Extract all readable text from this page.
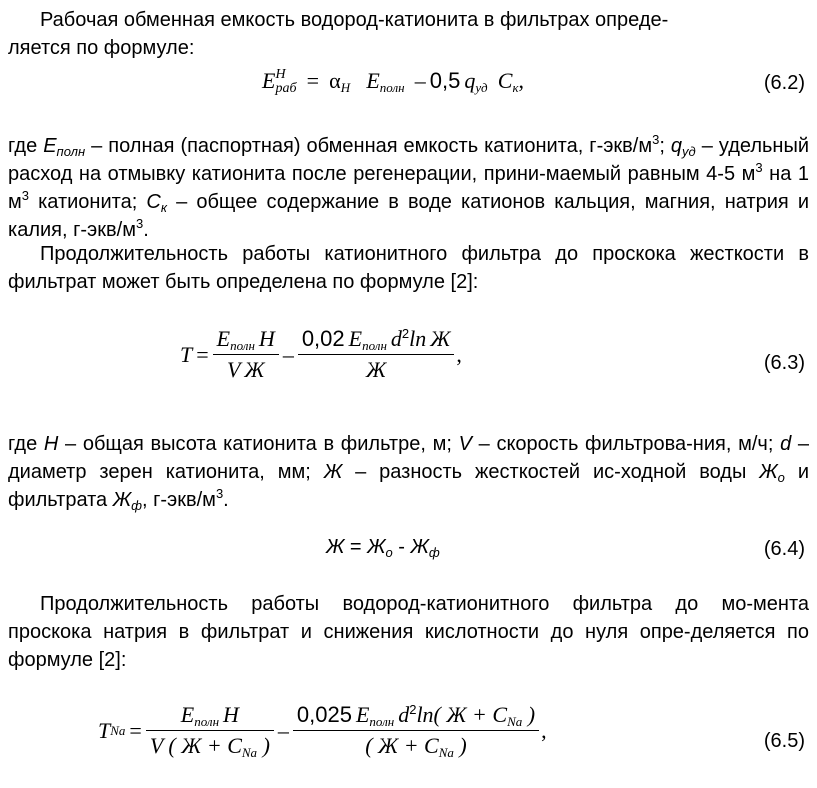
Рабочая обменная емкость водород-катионита в фильтрах опреде-
ляется по формуле:

E H
раб = $\alpha_H$ $E_{полн} - 0,5$ $q_{уд}$ $C_к$,	(6.2)

где $E_{полн}$ – полная (паспортная) обменная емкость катионита, $г-экв/м^3$; $q_{уд}$ – удельный расход на отмывку катионита после регенерации, прини-маемый равным 4-5 $м^3$ на 1 $м^3$ катионита; $C_к$ – общее содержание в воде катионов кальция, магния, натрия и калия, $г-экв/м^3$.

Продолжительность работы катионитного фильтра до проскока жесткости в фильтрат может быть определена по формуле [2]:

$T = \frac{E_{полн} H}{\text{V Ж}} - \frac{0,02 E_{полн} d^2\ln Ж}{Ж}$ ,	(6.3)

где H – общая высота катионита в фильтре, м; V – скорость фильтрова-ния, м/ч; d – диаметр зерен катионита, мм; Ж – разность жесткостей ис-ходной воды $Ж_о$ и фильтрата $Ж_ф$, $г-экв/м^3$.

$Ж = Ж_о - Ж_ф$	(6.4)

Продолжительность работы водород-катионитного фильтра до мо-мента проскока натрия в фильтрат и снижения кислотности до нуля опре-деляется по формуле [2]:

T $Na = \frac{E_{полн} H}{V ( Ж + C_{Na} )} - \frac{0,025 E_{полн} d^2\ln( Ж + C_{Na} )}{( Ж + C_{Na} )}$ ,	(6.5)
